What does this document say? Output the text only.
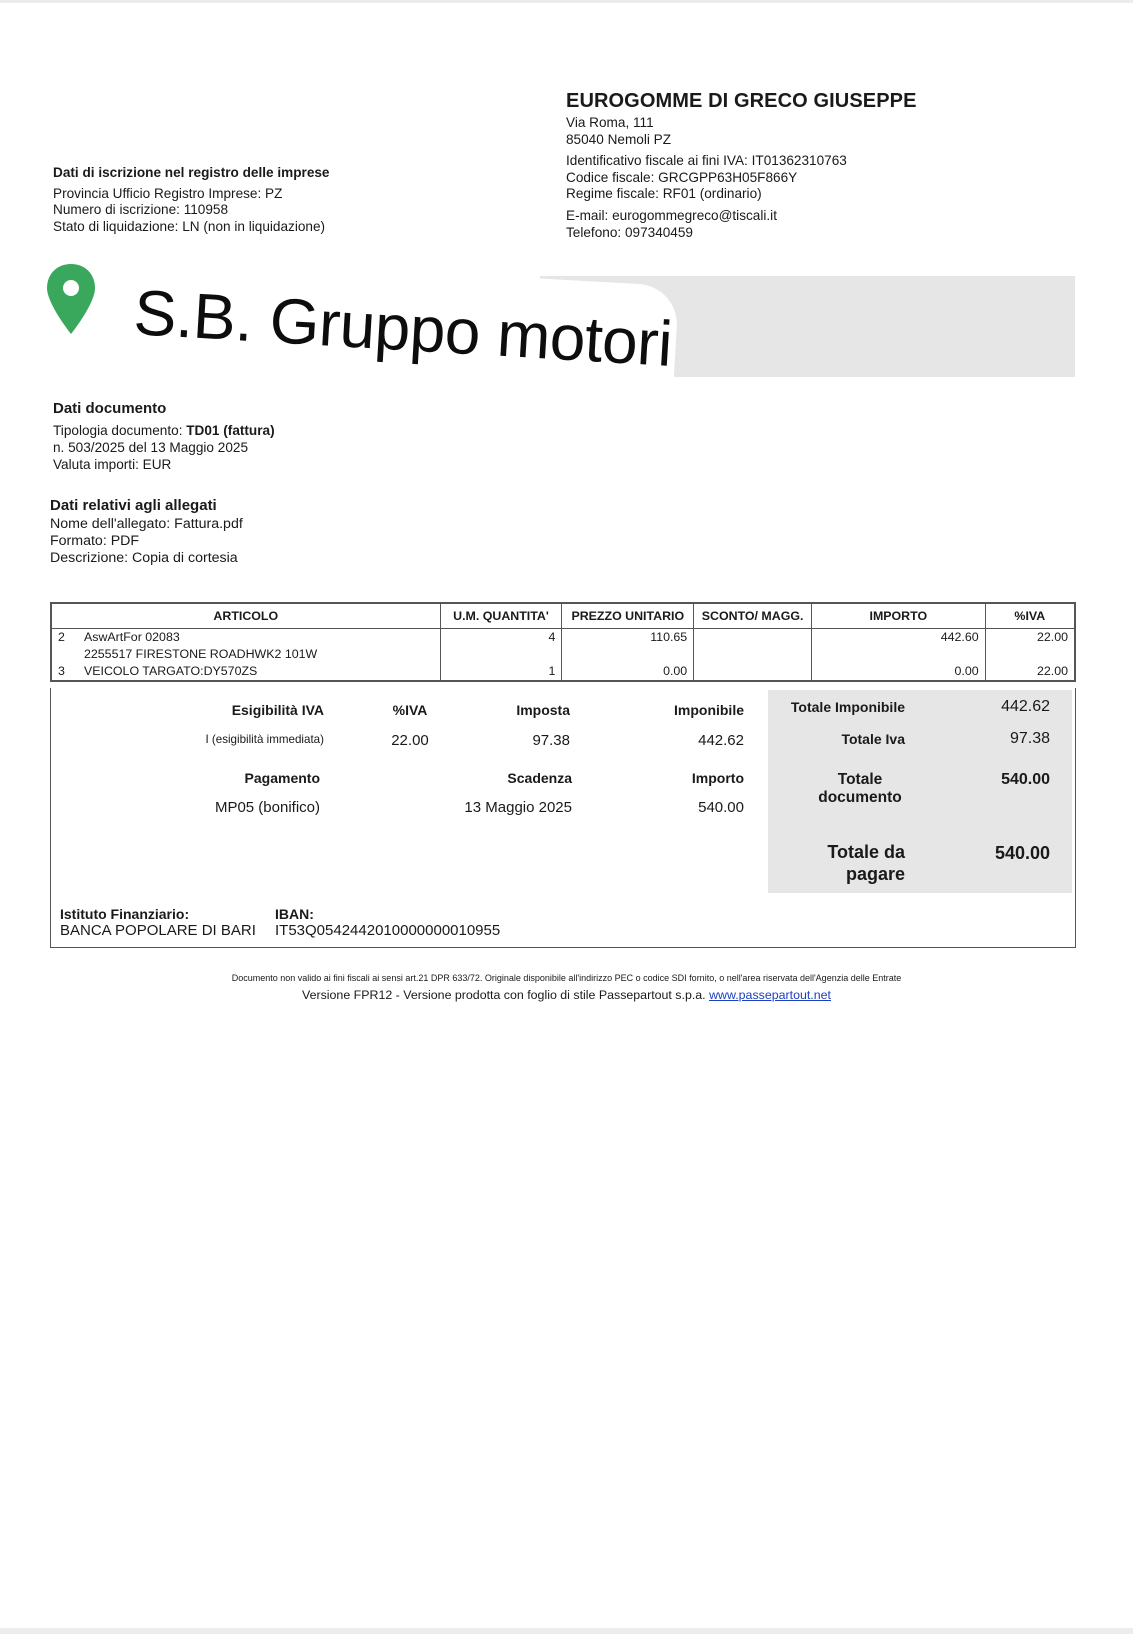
EUROGOMME DI GRECO GIUSEPPE
Via Roma, 111
85040 Nemoli PZ
Identificativo fiscale ai fini IVA: IT01362310763
Codice fiscale: GRCGPP63H05F866Y
Regime fiscale: RF01 (ordinario)
E-mail: eurogommegreco@tiscali.it
Telefono: 097340459
Dati di iscrizione nel registro delle imprese
Provincia Ufficio Registro Imprese: PZ
Numero di iscrizione: 110958
Stato di liquidazione: LN (non in liquidazione)
S.B. Gruppo motori
Dati documento
Tipologia documento: TD01 (fattura)
n. 503/2025 del 13 Maggio 2025
Valuta importi: EUR
Dati relativi agli allegati
Nome dell'allegato: Fattura.pdf
Formato: PDF
Descrizione: Copia di cortesia
ARTICOLO	U.M. QUANTITA'	PREZZO UNITARIO	SCONTO/ MAGG.	IMPORTO	%IVA
2 AswArtFor 02083	4	110.65		442.60	22.00
2255517 FIRESTONE ROADHWK2 101W					
3 VEICOLO TARGATO:DY570ZS	1	0.00		0.00	22.00
Esigibilità IVA	%IVA	Imposta	Imponibile
I (esigibilità immediata)	22.00	97.38	442.62
Pagamento	Scadenza	Importo
MP05 (bonifico)	13 Maggio 2025	540.00
Istituto Finanziario:
BANCA POPOLARE DI BARI
IBAN:
IT53Q0542442010000000010955
Totale Imponibile	442.62
Totale Iva	97.38
Totale
documento
540.00
Totale da
pagare
540.00
Documento non valido ai fini fiscali ai sensi art.21 DPR 633/72. Originale disponibile all'indirizzo PEC o codice SDI fornito, o nell'area riservata dell'Agenzia delle Entrate
Versione FPR12 - Versione prodotta con foglio di stile Passepartout s.p.a. www.passepartout.net
